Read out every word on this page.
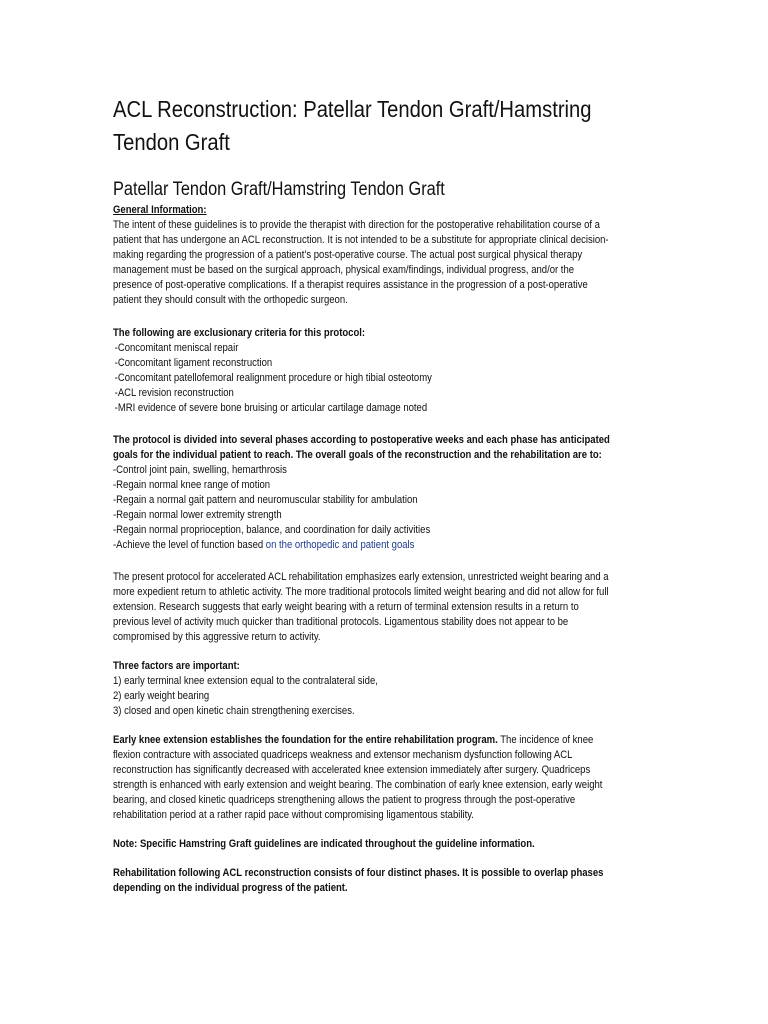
ACL Reconstruction: Patellar Tendon Graft/Hamstring Tendon Graft
Patellar Tendon Graft/Hamstring Tendon Graft

General Information:

The intent of these guidelines is to provide the therapist with direction for the postoperative rehabilitation course of a

patient that has undergone an ACL reconstruction. It is not intended to be a substitute for appropriate clinical decision-

making regarding the progression of a patient’s post-operative course. The actual post surgical physical therapy

management must be based on the surgical approach, physical exam/findings, individual progress, and/or the

presence of post-operative complications. If a therapist requires assistance in the progression of a post-operative

patient they should consult with the orthopedic surgeon.

The following are exclusionary criteria for this protocol:

-Concomitant meniscal repair

-Concomitant ligament reconstruction

-Concomitant patellofemoral realignment procedure or high tibial osteotomy

-ACL revision reconstruction

-MRI evidence of severe bone bruising or articular cartilage damage noted

The protocol is divided into several phases according to postoperative weeks and each phase has anticipated

goals for the individual patient to reach. The overall goals of the reconstruction and the rehabilitation are to:

-Control joint pain, swelling, hemarthrosis

-Regain normal knee range of motion

-Regain a normal gait pattern and neuromuscular stability for ambulation

-Regain normal lower extremity strength

-Regain normal proprioception, balance, and coordination for daily activities

-Achieve the level of function based on the orthopedic and patient goals

The present protocol for accelerated ACL rehabilitation emphasizes early extension, unrestricted weight bearing and a

more expedient return to athletic activity. The more traditional protocols limited weight bearing and did not allow for full

extension. Research suggests that early weight bearing with a return of terminal extension results in a return to

previous level of activity much quicker than traditional protocols. Ligamentous stability does not appear to be

compromised by this aggressive return to activity.

Three factors are important:

1) early terminal knee extension equal to the contralateral side,

2) early weight bearing

3) closed and open kinetic chain strengthening exercises.

Early knee extension establishes the foundation for the entire rehabilitation program. The incidence of knee

flexion contracture with associated quadriceps weakness and extensor mechanism dysfunction following ACL

reconstruction has significantly decreased with accelerated knee extension immediately after surgery. Quadriceps

strength is enhanced with early extension and weight bearing. The combination of early knee extension, early weight

bearing, and closed kinetic quadriceps strengthening allows the patient to progress through the post-operative

rehabilitation period at a rather rapid pace without compromising ligamentous stability.

Note: Specific Hamstring Graft guidelines are indicated throughout the guideline information.

Rehabilitation following ACL reconstruction consists of four distinct phases. It is possible to overlap phases

depending on the individual progress of the patient.
